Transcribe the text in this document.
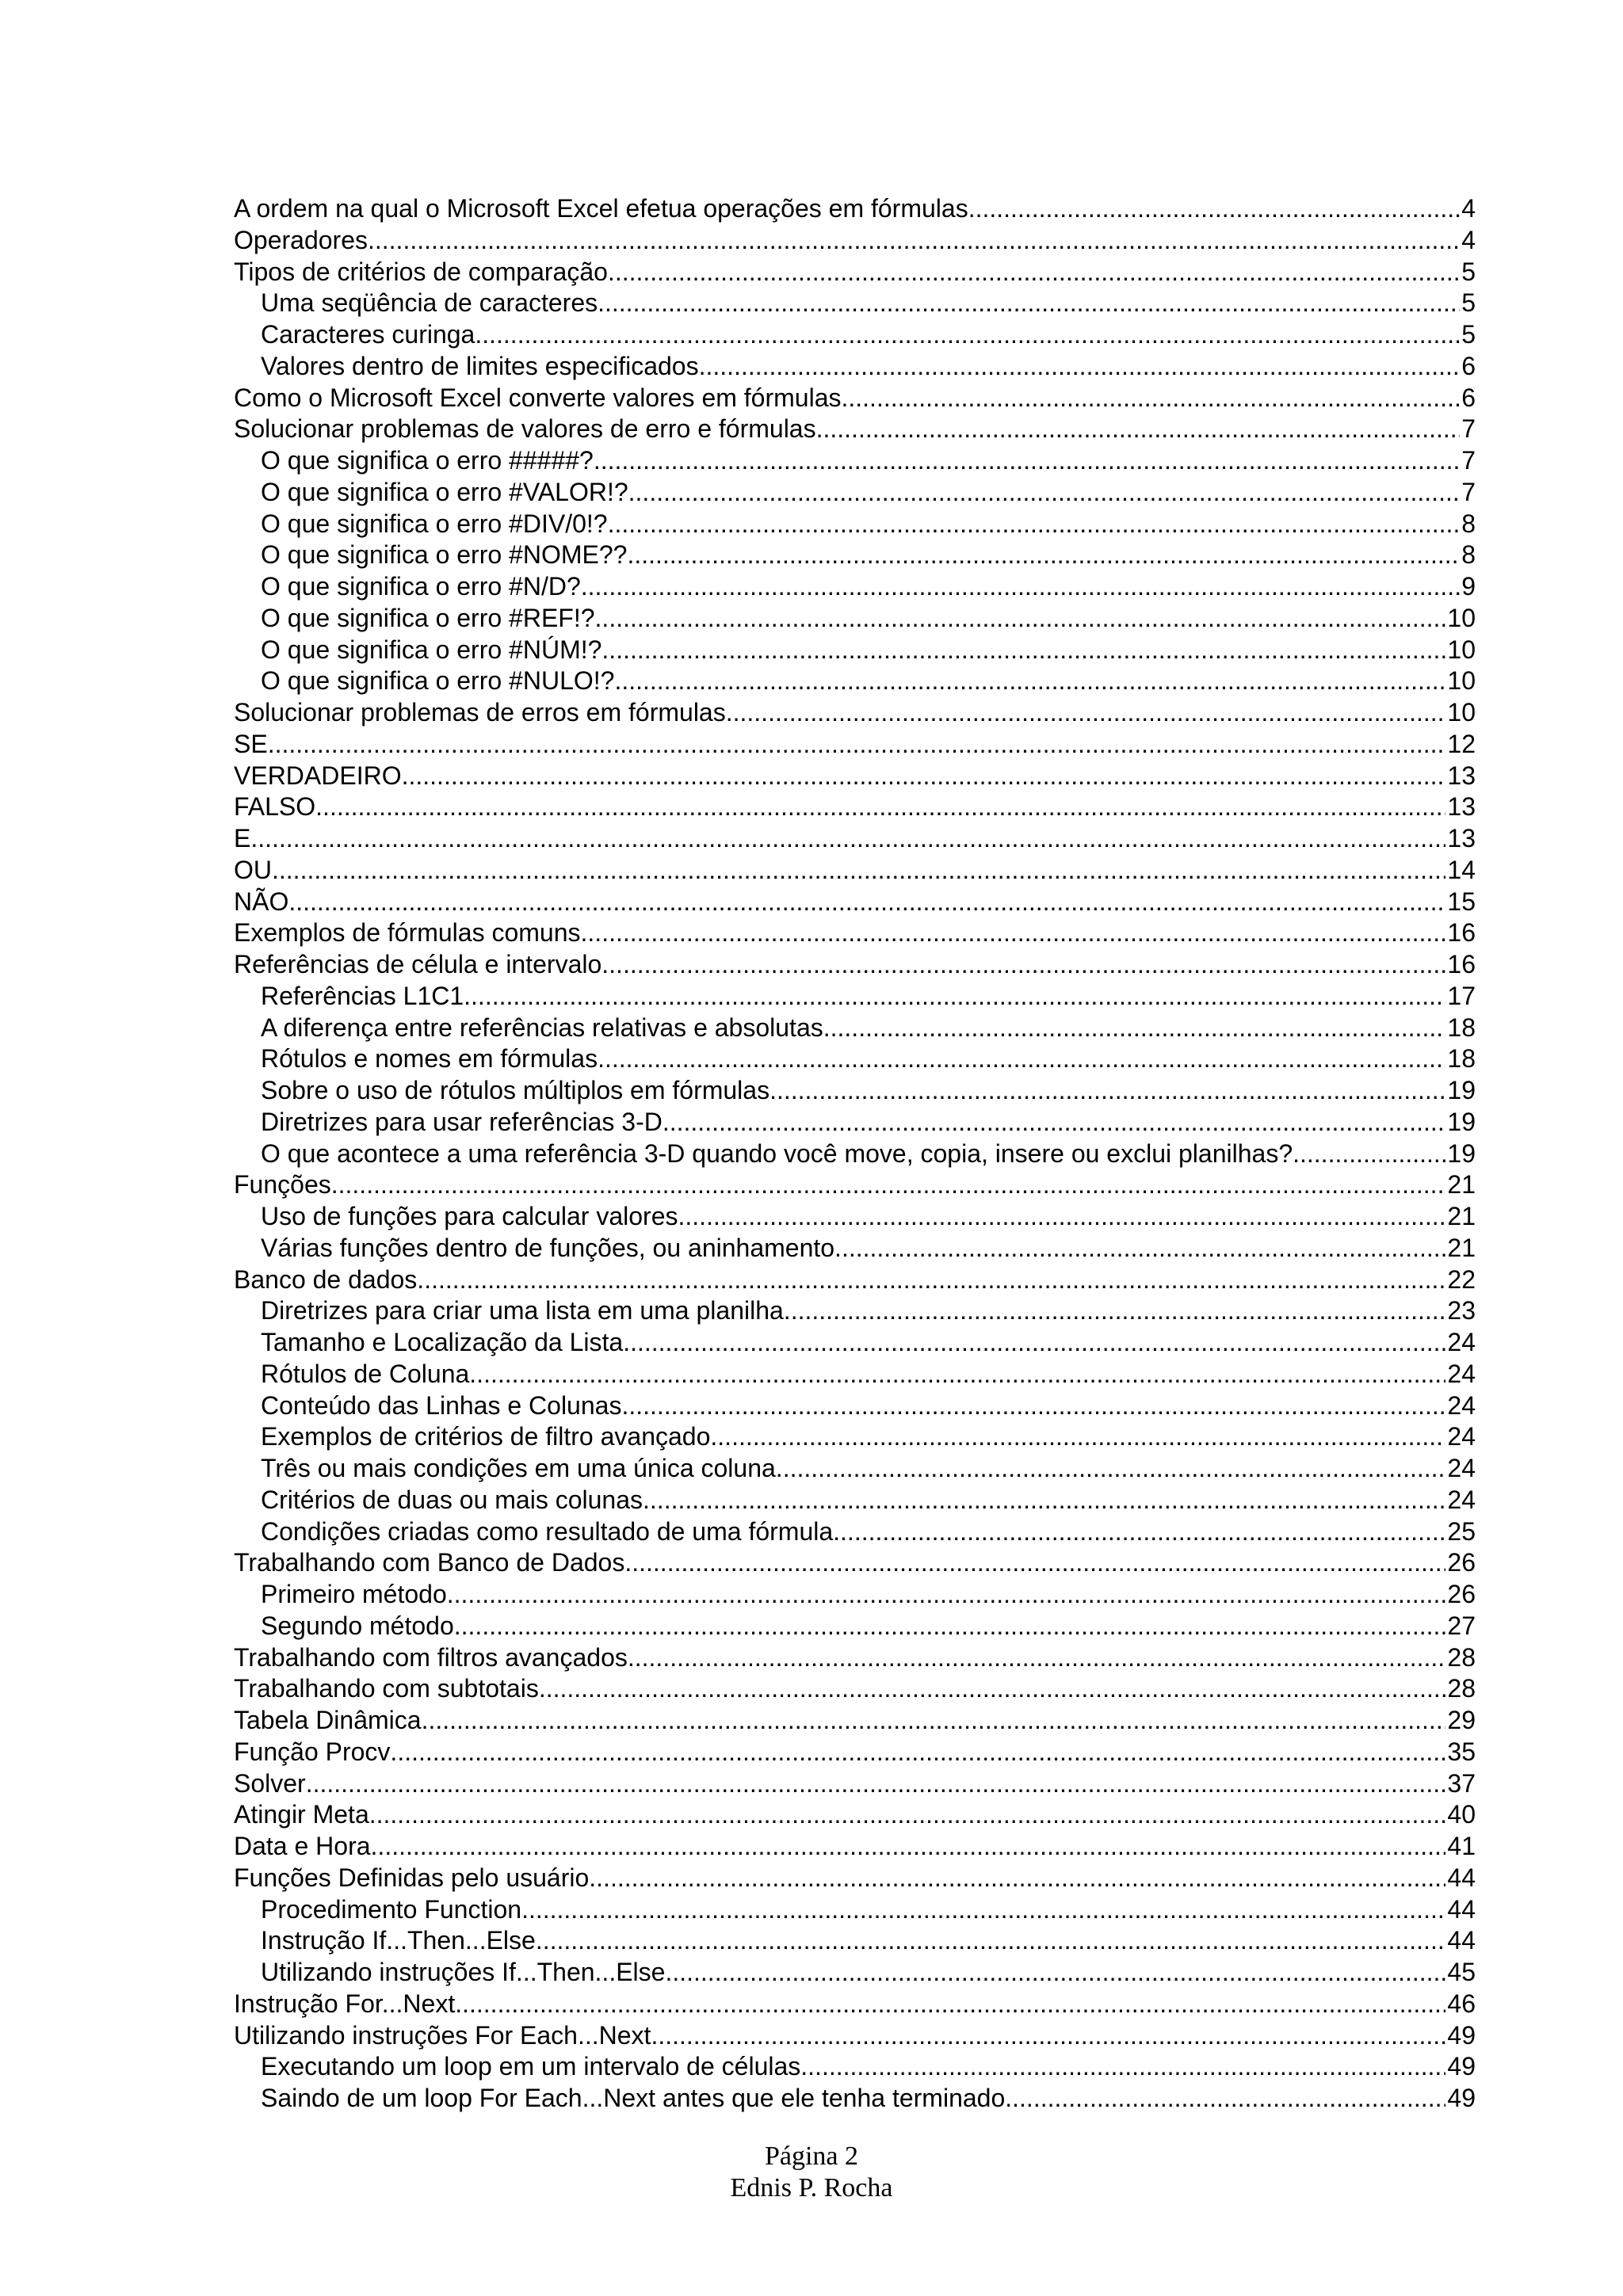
A ordem na qual o Microsoft Excel efetua operações em fórmulas .....	4
Operadores .....	4
Tipos de critérios de comparação .....	5
Uma seqüência de caracteres .....	5
Caracteres curinga .....	5
Valores dentro de limites especificados .....	6
Como o Microsoft Excel converte valores em fórmulas .....	6
Solucionar problemas de valores de erro e fórmulas .....	7
O que significa o erro #####? .....	7
O que significa o erro #VALOR!? .....	7
O que significa o erro #DIV/0!? .....	8
O que significa o erro #NOME?? .....	8
O que significa o erro #N/D? .....	9
O que significa o erro #REF!? .....	10
O que significa o erro #NÚM!? .....	10
O que significa o erro #NULO!? .....	10
Solucionar problemas de erros em fórmulas .....	10
SE .....	12
VERDADEIRO .....	13
FALSO .....	13
E .....	13
OU .....	14
NÃO .....	15
Exemplos de fórmulas comuns .....	16
Referências de célula e intervalo .....	16
Referências L1C1 .....	17
A diferença entre referências relativas e absolutas .....	18
Rótulos e nomes em fórmulas .....	18
Sobre o uso de rótulos múltiplos em fórmulas .....	19
Diretrizes para usar referências 3-D .....	19
O que acontece a uma referência 3-D quando você move, copia, insere ou exclui planilhas? .....	19
Funções .....	21
Uso de funções para calcular valores .....	21
Várias funções dentro de funções, ou aninhamento .....	21
Banco de dados .....	22
Diretrizes para criar uma lista em uma planilha .....	23
Tamanho e Localização da Lista .....	24
Rótulos de Coluna .....	24
Conteúdo das Linhas e Colunas .....	24
Exemplos de critérios de filtro avançado .....	24
Três ou mais condições em uma única coluna .....	24
Critérios de duas ou mais colunas .....	24
Condições criadas como resultado de uma fórmula .....	25
Trabalhando com Banco de Dados .....	26
Primeiro método .....	26
Segundo método .....	27
Trabalhando com filtros avançados .....	28
Trabalhando com subtotais .....	28
Tabela Dinâmica .....	29
Função Procv .....	35
Solver .....	37
Atingir Meta .....	40
Data e Hora .....	41
Funções Definidas pelo usuário .....	44
Procedimento Function .....	44
Instrução If...Then...Else .....	44
Utilizando instruções If...Then...Else .....	45
Instrução For...Next .....	46
Utilizando instruções For Each...Next .....	49
Executando um loop em um intervalo de células .....	49
Saindo de um loop For Each...Next antes que ele tenha terminado .....	49
Página 2
Ednis P. Rocha
